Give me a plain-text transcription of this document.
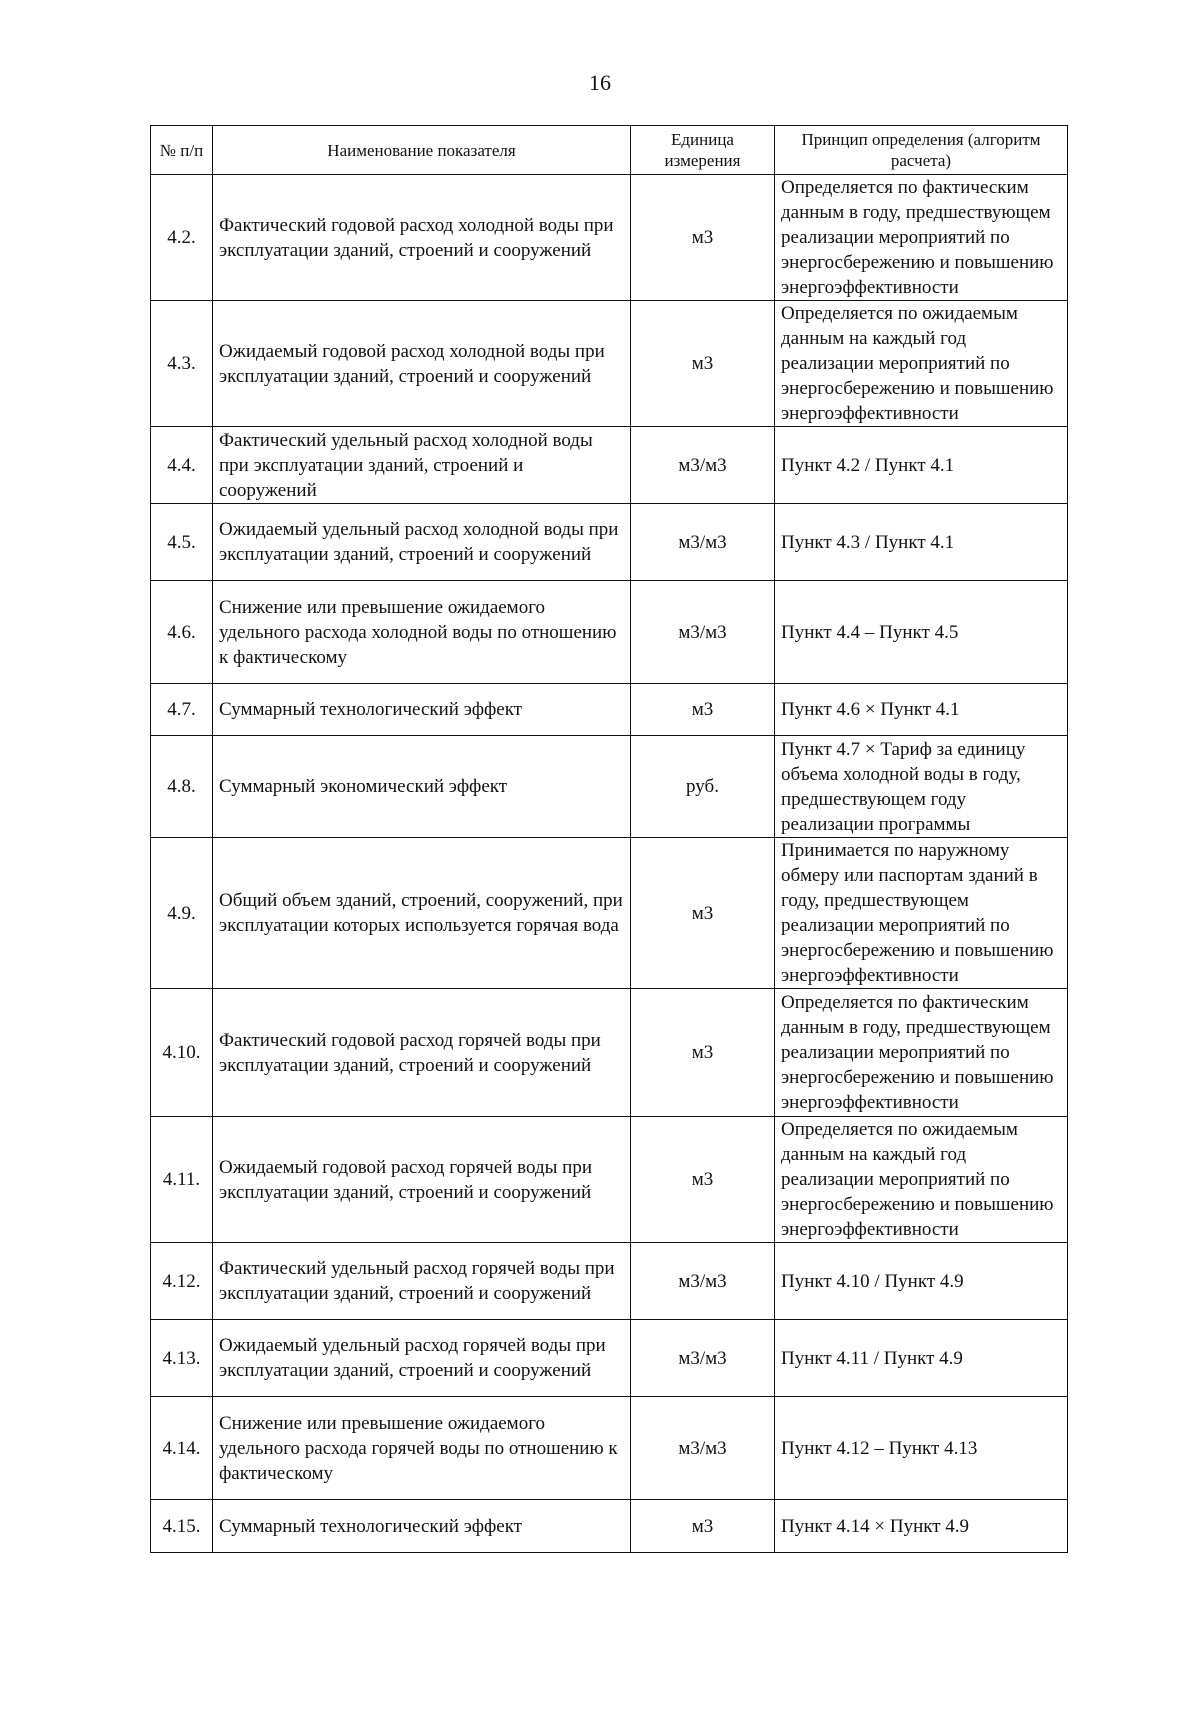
16
№ п/п	Наименование показателя	Единица измерения	Принцип определения (алгоритм расчета)
4.2.	Фактический годовой расход холодной воды при эксплуатации зданий, строений и сооружений	м3	Определяется по фактическим данным в году, предшествующем реализации мероприятий по энергосбережению и повышению энергоэффективности
4.3.	Ожидаемый годовой расход холодной воды при эксплуатации зданий, строений и сооружений	м3	Определяется по ожидаемым данным на каждый год реализации мероприятий по энергосбережению и повышению энергоэффективности
4.4.	Фактический удельный расход холодной воды при эксплуатации зданий, строений и сооружений	м3/м3	Пункт 4.2 / Пункт 4.1
4.5.	Ожидаемый удельный расход холодной воды при эксплуатации зданий, строений и сооружений	м3/м3	Пункт 4.3 / Пункт 4.1
4.6.	Снижение или превышение ожидаемого удельного расхода холодной воды по отношению к фактическому	м3/м3	Пункт 4.4 – Пункт 4.5
4.7.	Суммарный технологический эффект	м3	Пункт 4.6 × Пункт 4.1
4.8.	Суммарный экономический эффект	руб.	Пункт 4.7 × Тариф за единицу объема холодной воды в году, предшествующем году реализации программы
4.9.	Общий объем зданий, строений, сооружений, при эксплуатации которых используется горячая вода	м3	Принимается по наружному обмеру или паспортам зданий в году, предшествующем реализации мероприятий по энергосбережению и повышению энергоэффективности
4.10.	Фактический годовой расход горячей воды при эксплуатации зданий, строений и сооружений	м3	Определяется по фактическим данным в году, предшествующем реализации мероприятий по энергосбережению и повышению энергоэффективности
4.11.	Ожидаемый годовой расход горячей воды при эксплуатации зданий, строений и сооружений	м3	Определяется по ожидаемым данным на каждый год реализации мероприятий по энергосбережению и повышению энергоэффективности
4.12.	Фактический удельный расход горячей воды при эксплуатации зданий, строений и сооружений	м3/м3	Пункт 4.10 / Пункт 4.9
4.13.	Ожидаемый удельный расход горячей воды при эксплуатации зданий, строений и сооружений	м3/м3	Пункт 4.11 / Пункт 4.9
4.14.	Снижение или превышение ожидаемого удельного расхода горячей воды по отношению к фактическому	м3/м3	Пункт 4.12 – Пункт 4.13
4.15.	Суммарный технологический эффект	м3	Пункт 4.14 × Пункт 4.9
